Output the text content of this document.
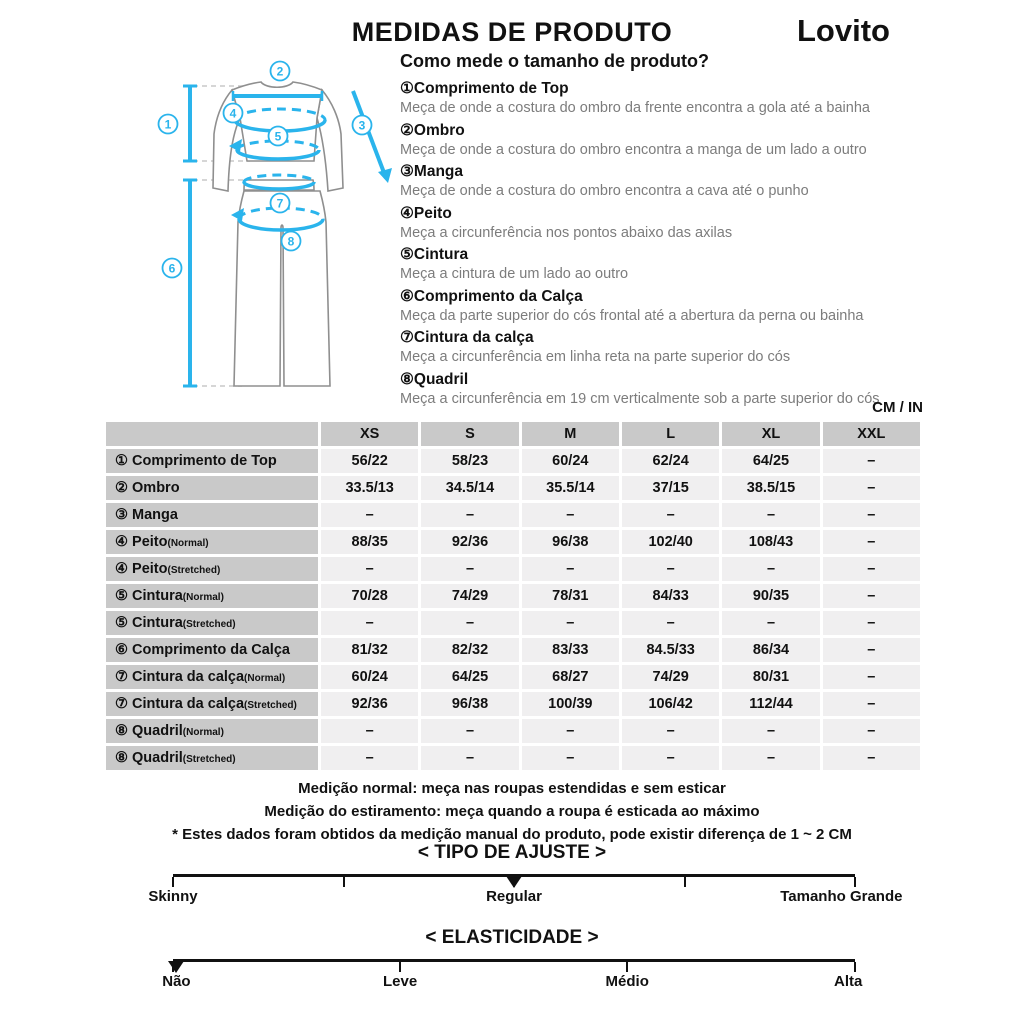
MEDIDAS DE PRODUTO	Lovito
Como mede o tamanho de produto?
1
2
3
4
5
6
7
8
①Comprimento de Top

Meça de onde a costura do ombro da frente encontra a gola até a bainha

②Ombro

Meça de onde a costura do ombro encontra a manga de um lado a outro

③Manga

Meça de onde a costura do ombro encontra a cava até o punho

④Peito

Meça a circunferência nos pontos abaixo das axilas

⑤Cintura

Meça a cintura de um lado ao outro

⑥Comprimento da Calça

Meça da parte superior do cós frontal até a abertura da perna ou bainha

⑦Cintura da calça

Meça a circunferência em linha reta na parte superior do cós

⑧Quadril

Meça a circunferência em 19 cm verticalmente sob a parte superior do cós

CM / IN
	XS	S	M	L	XL	XXL
① Comprimento de Top	56/22	58/23	60/24	62/24	64/25	–
② Ombro	33.5/13	34.5/14	35.5/14	37/15	38.5/15	–
③ Manga	–	–	–	–	–	–
④ Peito(Normal)	88/35	92/36	96/38	102/40	108/43	–
④ Peito(Stretched)	–	–	–	–	–	–
⑤ Cintura(Normal)	70/28	74/29	78/31	84/33	90/35	–
⑤ Cintura(Stretched)	–	–	–	–	–	–
⑥ Comprimento da Calça	81/32	82/32	83/33	84.5/33	86/34	–
⑦ Cintura da calça(Normal)	60/24	64/25	68/27	74/29	80/31	–
⑦ Cintura da calça(Stretched)	92/36	96/38	100/39	106/42	112/44	–
⑧ Quadril(Normal)	–	–	–	–	–	–
⑧ Quadril(Stretched)	–	–	–	–	–	–
Medição normal: meça nas roupas estendidas e sem esticar
Medição do estiramento: meça quando a roupa é esticada ao máximo
* Estes dados foram obtidos da medição manual do produto, pode existir diferença de 1 ~ 2 CM
< TIPO DE AJUSTE >
Skinny	Regular	Tamanho Grande
< ELASTICIDADE >
Não	Leve	Médio	Alta
